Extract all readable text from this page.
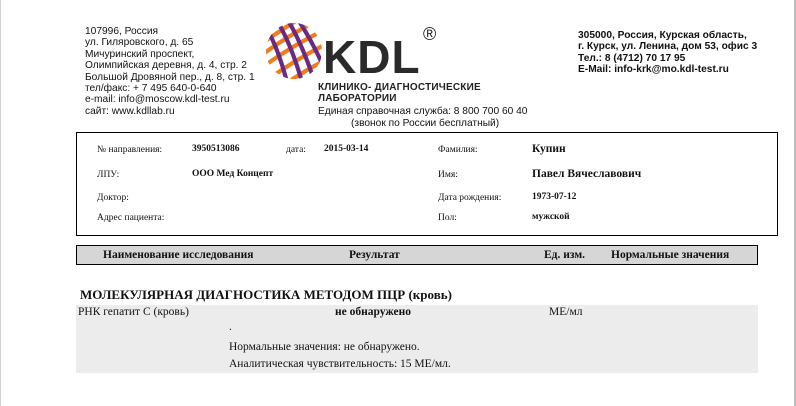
107996, Россия
ул. Гиляровского, д. 65
Мичуринский проспект,
Олимпийская деревня, д. 4, стр. 2
Большой Дровяной пер., д. 8, стр. 1
тел/факс: + 7 495 640-0-640
e-mail: info@moscow.kdl-test.ru
сайт: www.kdllab.ru
KDL ®
КЛИНИКО- ДИАГНОСТИЧЕСКИЕ
ЛАБОРАТОРИИ
Единая справочная служба: 8 800 700 60 40
(звонок по России бесплатный)
305000, Россия, Курская область,
г. Курск, ул. Ленина, дом 53, офис 3
Тел.: 8 (4712) 70 17 95
E-Mail: info-krk@mo.kdl-test.ru
№ направления:	3950513086	дата: 2015-03-14	Фамилия:	Купин
ЛПУ:	ООО Мед Концепт	Имя:	Павел Вячеславович
Доктор:	Дата рождения:	1973-07-12
Адрес пациента:	Пол:	мужской
Наименование исследования	Результат	Ед. изм. Нормальные значения
МОЛЕКУЛЯРНАЯ ДИАГНОСТИКА МЕТОДОМ ПЦР (кровь)
РНК гепатит C (кровь)	не обнаружено	МЕ/мл
.
Нормальные значения: не обнаружено.
Аналитическая чувствительность: 15 МЕ/мл.
